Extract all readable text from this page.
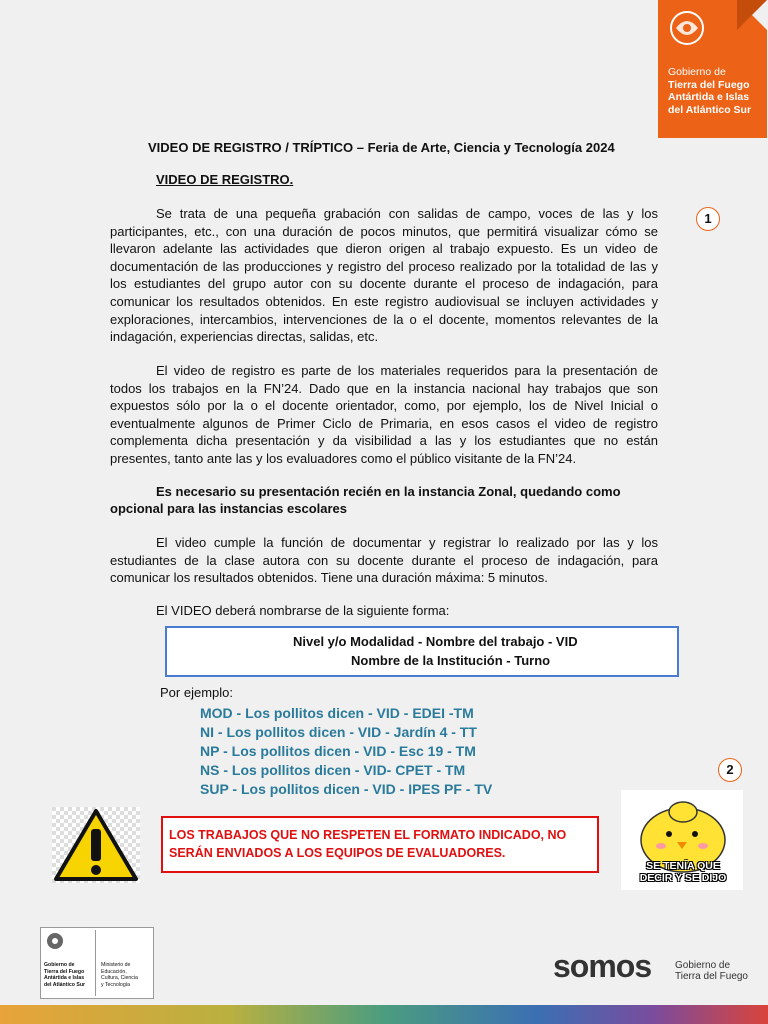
Gobierno de
Tierra del Fuego
Antártida e Islas
del Atlántico Sur
VIDEO DE REGISTRO / TRÍPTICO – Feria de Arte, Ciencia y Tecnología 2024
VIDEO DE REGISTRO.
1

Se trata de una pequeña grabación con salidas de campo, voces de las y los participantes, etc., con una duración de pocos minutos, que permitirá visualizar cómo se llevaron adelante las actividades que dieron origen al trabajo expuesto. Es un video de documentación de las producciones y registro del proceso realizado por la totalidad de las y los estudiantes del grupo autor con su docente durante el proceso de indagación, para comunicar los resultados obtenidos. En este registro audiovisual se incluyen actividades y exploraciones, intercambios, intervenciones de la o el docente, momentos relevantes de la indagación, experiencias directas, salidas, etc.

El video de registro es parte de los materiales requeridos para la presentación de todos los trabajos en la FN’24. Dado que en la instancia nacional hay trabajos que son expuestos sólo por la o el docente orientador, como, por ejemplo, los de Nivel Inicial o eventualmente algunos de Primer Ciclo de Primaria, en esos casos el video de registro complementa dicha presentación y da visibilidad a las y los estudiantes que no están presentes, tanto ante las y los evaluadores como el público visitante de la FN’24.

Es necesario su presentación recién en la instancia Zonal, quedando como opcional para las instancias escolares

El video cumple la función de documentar y registrar lo realizado por las y los estudiantes de la clase autora con su docente durante el proceso de indagación, para comunicar los resultados obtenidos. Tiene una duración máxima: 5 minutos.

El VIDEO deberá nombrarse de la siguiente forma:

Nivel y/o Modalidad - Nombre del trabajo - VID
Nombre de la Institución - Turno
Por ejemplo:
MOD - Los pollitos dicen - VID - EDEI -TM
NI - Los pollitos dicen - VID - Jardín 4 - TT
NP - Los pollitos dicen - VID - Esc 19 - TM
NS - Los pollitos dicen - VID- CPET - TM
SUP - Los pollitos dicen - VID - IPES PF - TV
2
LOS TRABAJOS QUE NO RESPETEN EL FORMATO INDICADO, NO SERÁN ENVIADOS A LOS EQUIPOS DE EVALUADORES.
SE TENÍA QUE
DECIR Y SE DIJO
Gobierno de
Tierra del Fuego
Antártida e Islas
del Atlántico Sur
Ministerio de
Educación,
Cultura, Ciencia
y Tecnología
somos Gobierno de
Tierra del Fuego
